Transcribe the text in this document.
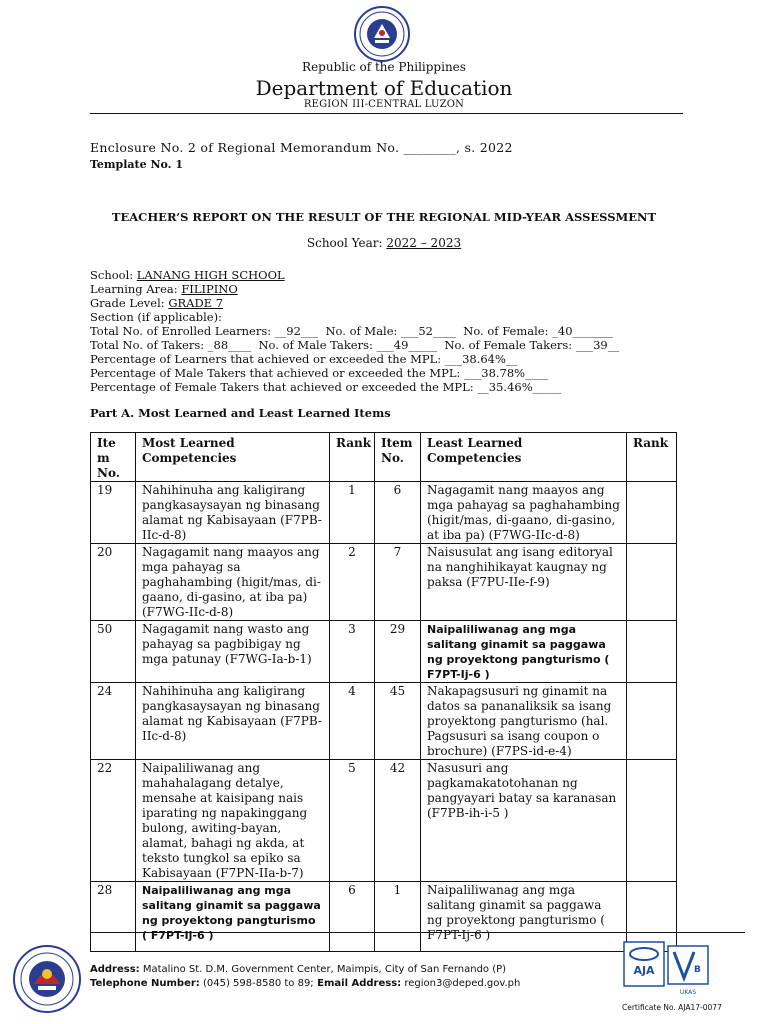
Republic of the Philippines
Department of Education
REGION III-CENTRAL LUZON
Enclosure No. 2 of Regional Memorandum No. ________, s. 2022
Template No. 1
TEACHER’S REPORT ON THE RESULT OF THE REGIONAL MID-YEAR ASSESSMENT
School Year: 2022 – 2023
School: LANANG HIGH SCHOOL
Learning Area: FILIPINO
Grade Level: GRADE 7
Section (if applicable):
Total No. of Enrolled Learners: __92___  No. of Male: ___52____  No. of Female: _40_______
Total No. of Takers: _88____  No. of Male Takers: ___49_____  No. of Female Takers: ___39__
Percentage of Learners that achieved or exceeded the MPL: ___38.64%__
Percentage of Male Takers that achieved or exceeded the MPL: ___38.78%____
Percentage of Female Takers that achieved or exceeded the MPL: __35.46%_____
Part A. Most Learned and Least Learned Items
Ite m No.	Most Learned Competencies	Rank	Item No.	Least Learned Competencies	Rank
19	Nahihinuha ang kaligirang pangkasaysayan ng binasang alamat ng Kabisayaan (F7PB-IIc-d-8)	1	6	Nagagamit nang maayos ang mga pahayag sa paghahambing (higit/mas, di-gaano, di-gasino, at iba pa) (F7WG-IIc-d-8)	
20	Nagagamit nang maayos ang mga pahayag sa paghahambing (higit/mas, di-gaano, di-gasino, at iba pa) (F7WG-IIc-d-8)	2	7	Naisusulat ang isang editoryal na nanghihikayat kaugnay ng paksa (F7PU-IIe-f-9)	
50	Nagagamit nang wasto ang pahayag sa pagbibigay ng mga patunay (F7WG-Ia-b-1)	3	29	Naipaliliwanag ang mga salitang ginamit sa paggawa ng proyektong pangturismo ( F7PT-Ij-6 )	
24	Nahihinuha ang kaligirang pangkasaysayan ng binasang alamat ng Kabisayaan (F7PB-IIc-d-8)	4	45	Nakapagsusuri ng ginamit na datos sa pananaliksik sa isang proyektong pangturismo (hal. Pagsusuri sa isang coupon o brochure) (F7PS-id-e-4)	
22	Naipaliliwanag ang mahahalagang detalye, mensahe at kaisipang nais iparating ng napakinggang bulong, awiting-bayan, alamat, bahagi ng akda, at teksto tungkol sa epiko sa Kabisayaan (F7PN-IIa-b-7)	5	42	Nasusuri ang pagkamakatotohanan ng pangyayari batay sa karanasan (F7PB-ih-i-5 )	
28	Naipaliliwanag ang mga salitang ginamit sa paggawa ng proyektong pangturismo ( F7PT-Ij-6 )	6	1	Naipaliliwanag ang mga salitang ginamit sa paggawa ng proyektong pangturismo ( F7PT-Ij-6 )	
Address: Matalino St. D.M. Government Center, Maimpis, City of San Fernando (P)
Telephone Number: (045) 598-8580 to 89; Email Address: region3@deped.gov.ph
AJA	B
UKAS
Certificate No. AJA17-0077
